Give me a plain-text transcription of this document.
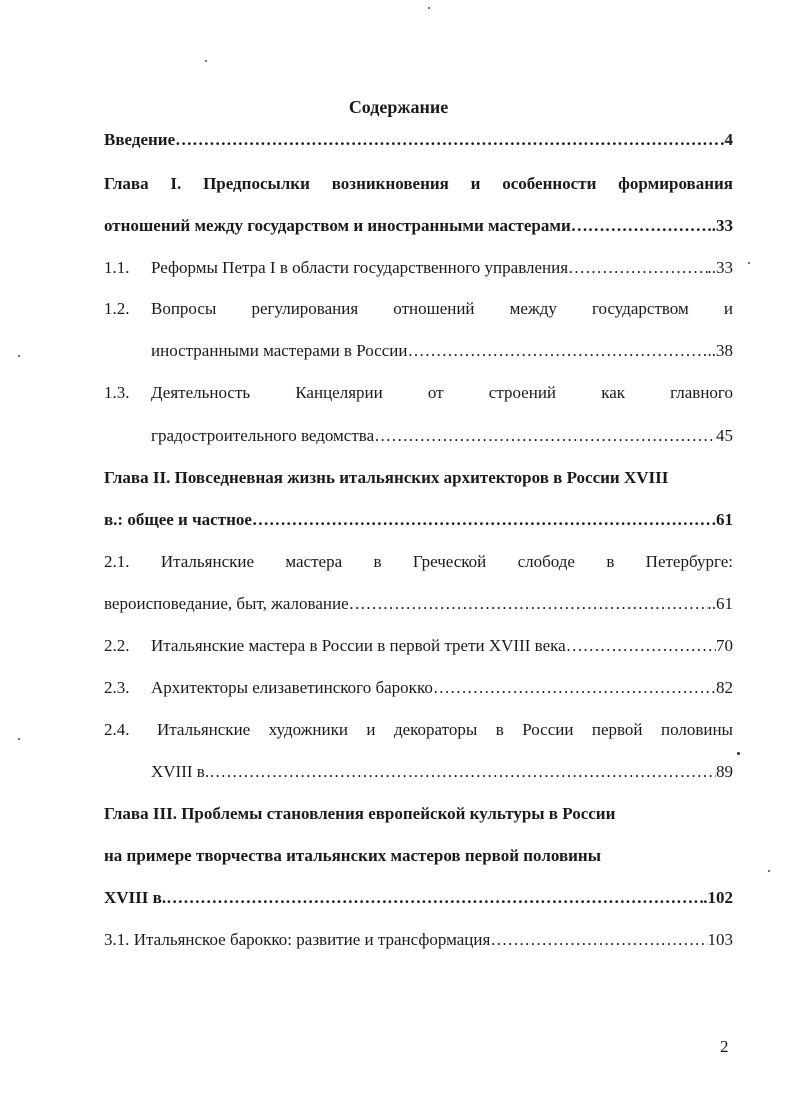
Содержание
Введение ………………………………………………………………………………………………………………………………………………………………………………………………	.4
Глава I. Предпосылки возникновения и особенности формирования
отношений между государством и иностранными мастерами ………………………………………………………………………………………………………………………………………………………………………………………………	..33
1.1. Реформы Петра I в области государственного управления ………………………………………………………………………………………………………………………………………………………………………………………………	..33
1.2. Вопросы регулирования отношений между государством и
иностранными мастерами в России ………………………………………………………………………………………………………………………………………………………………………………………………	..38
1.3. Деятельность	Канцелярии	от	строений	как	главного
градостроительного ведомства ………………………………………………………………………………………………………………………………………………………………………………………………	45
Глава II. Повседневная жизнь итальянских архитекторов в России XVIII
в.: общее и частное ………………………………………………………………………………………………………………………………………………………………………………………………	.61
2.1. Итальянские мастера в Греческой слободе в Петербурге:
вероисповедание, быт, жалование ………………………………………………………………………………………………………………………………………………………………………………………………	..61
2.2. Итальянские мастера в России в первой трети XVIII века ………………………………………………………………………………………………………………………………………………………………………………………………	70
2.3. Архитекторы елизаветинского барокко ………………………………………………………………………………………………………………………………………………………………………………………………	82
2.4. Итальянские художники и декораторы в России первой половины
XVIII в. ………………………………………………………………………………………………………………………………………………………………………………………………	89
Глава III. Проблемы становления европейской культуры в России
на примере творчества итальянских мастеров первой половины
XVIII в. ………………………………………………………………………………………………………………………………………………………………………………………………	.102
3.1. Итальянское барокко: развитие и трансформация ………………………………………………………………………………………………………………………………………………………………………………………………	103
2
